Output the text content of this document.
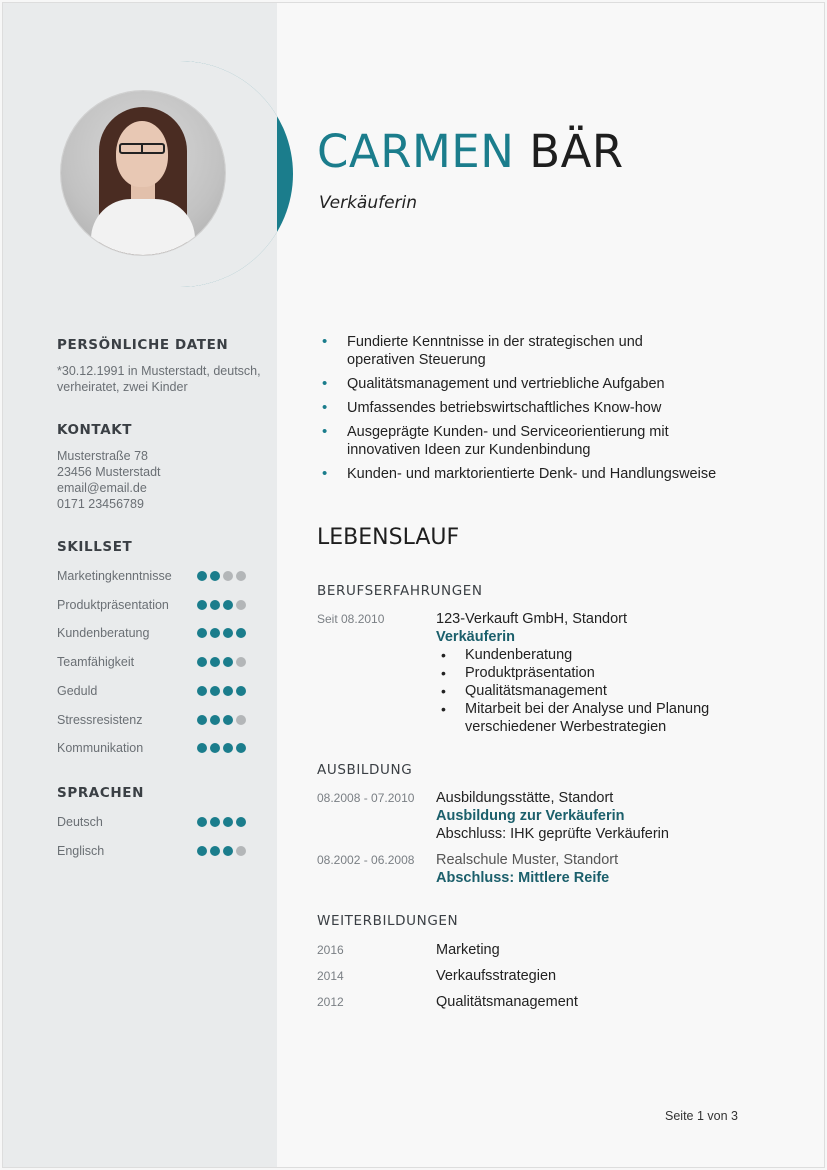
PERSÖNLICHE DATEN
*30.12.1991 in Musterstadt, deutsch,
verheiratet, zwei Kinder
KONTAKT
Musterstraße 78
23456 Musterstadt
email@email.de
0171 23456789
SKILLSET
Marketingkenntnisse
Produktpräsentation
Kundenberatung
Teamfähigkeit
Geduld
Stressresistenz
Kommunikation
SPRACHEN
Deutsch
Englisch
CARMEN BÄR
Verkäuferin
• Fundierte Kenntnisse in der strategischen und
operativen Steuerung
• Qualitätsmanagement und vertriebliche Aufgaben
• Umfassendes betriebswirtschaftliches Know-how
• Ausgeprägte Kunden- und Serviceorientierung mit
innovativen Ideen zur Kundenbindung
• Kunden- und marktorientierte Denk- und Handlungsweise
LEBENSLAUF
BERUFSERFAHRUNGEN
Seit 08.2010	123-Verkauft GmbH, Standort
Verkäuferin
• Kundenberatung
• Produktpräsentation
• Qualitätsmanagement
• Mitarbeit bei der Analyse und Planung
verschiedener Werbestrategien
AUSBILDUNG
08.2008 - 07.2010 Ausbildungsstätte, Standort
Ausbildung zur Verkäuferin
Abschluss: IHK geprüfte Verkäuferin
08.2002 - 06.2008 Realschule Muster, Standort
Abschluss: Mittlere Reife
WEITERBILDUNGEN
2016	Marketing
2014	Verkaufsstrategien
2012	Qualitätsmanagement
Seite 1 von 3
